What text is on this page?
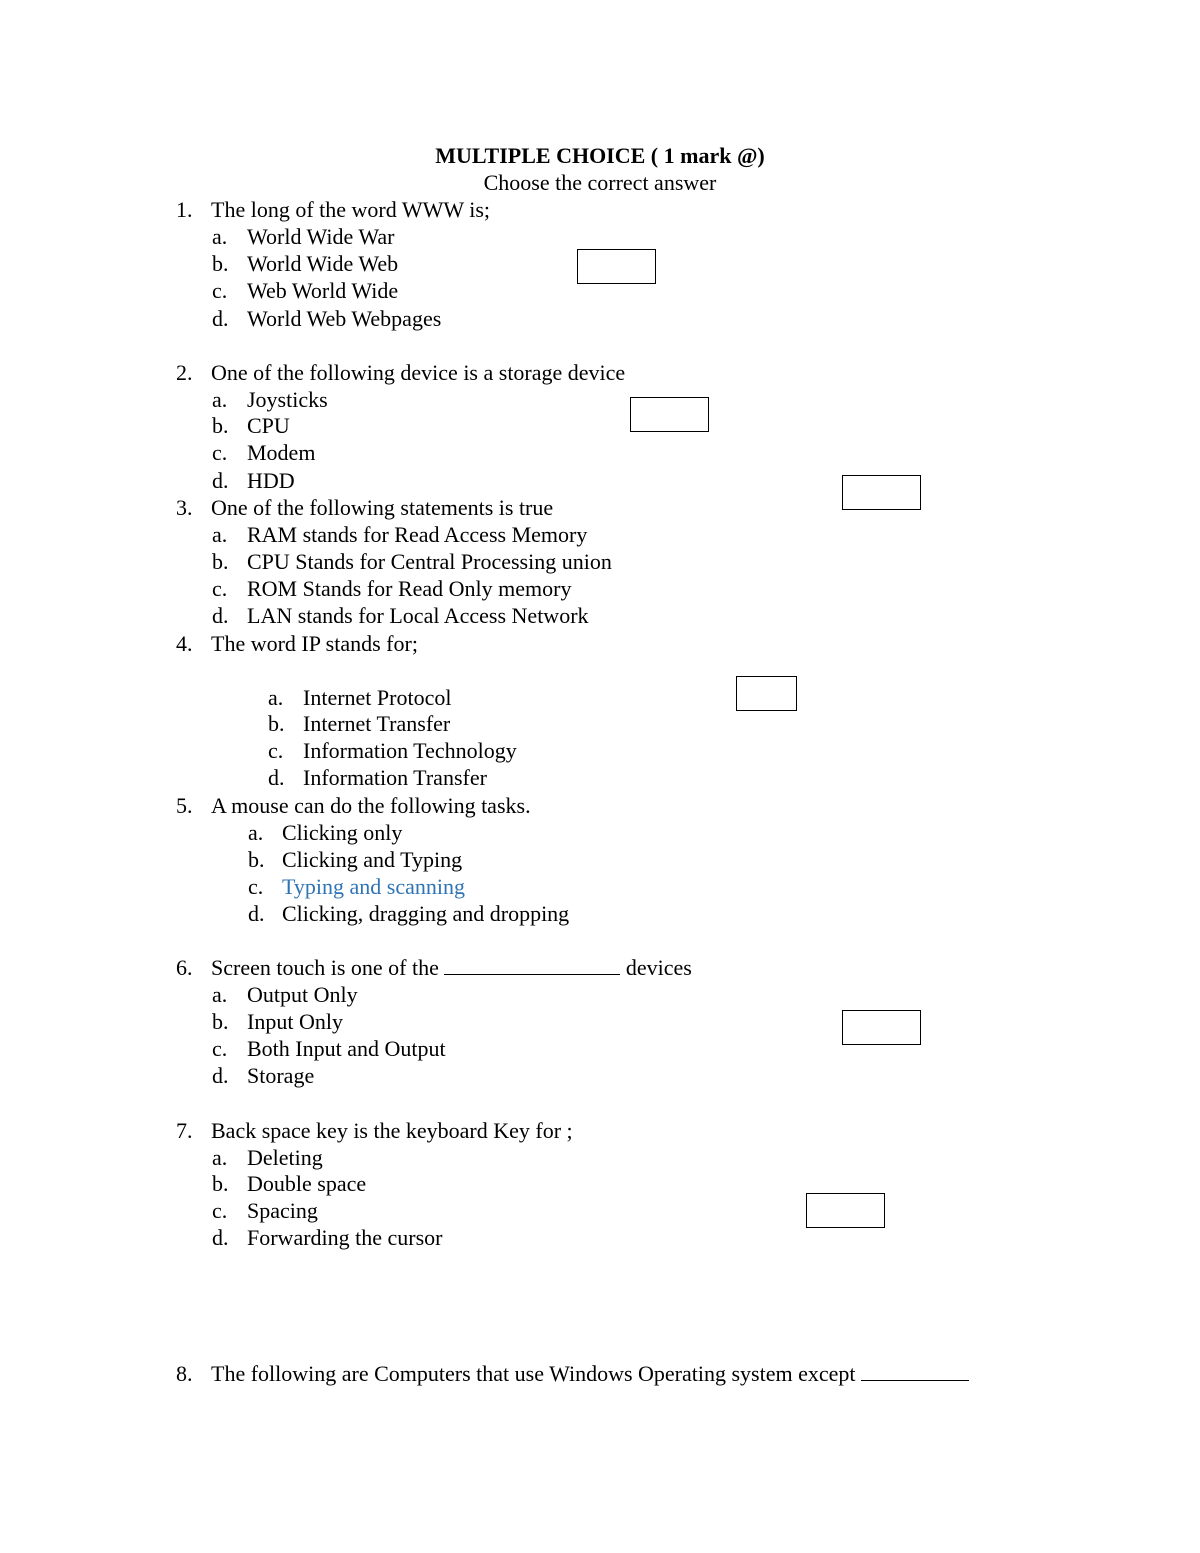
MULTIPLE CHOICE ( 1 mark @)
Choose the correct answer
1. The long of the word WWW is;
a. World Wide War
b. World Wide Web
c. Web World Wide
d. World Web Webpages
2. One of the following device is a storage device
a. Joysticks
b. CPU
c. Modem
d. HDD
3. One of the following statements is true
a. RAM stands for Read Access Memory
b. CPU Stands for Central Processing union
c. ROM Stands for Read Only memory
d. LAN stands for Local Access Network
4. The word IP stands for;
a. Internet Protocol
b. Internet Transfer
c. Information Technology
d. Information Transfer
5. A mouse can do the following tasks.
a. Clicking only
b. Clicking and Typing
c. Typing and scanning
d. Clicking, dragging and dropping
6. Screen touch is one of the	devices
a. Output Only
b. Input Only
c. Both Input and Output
d. Storage
7. Back space key is the keyboard Key for ;
a. Deleting
b. Double space
c. Spacing
d. Forwarding the cursor
8. The following are Computers that use Windows Operating system except
